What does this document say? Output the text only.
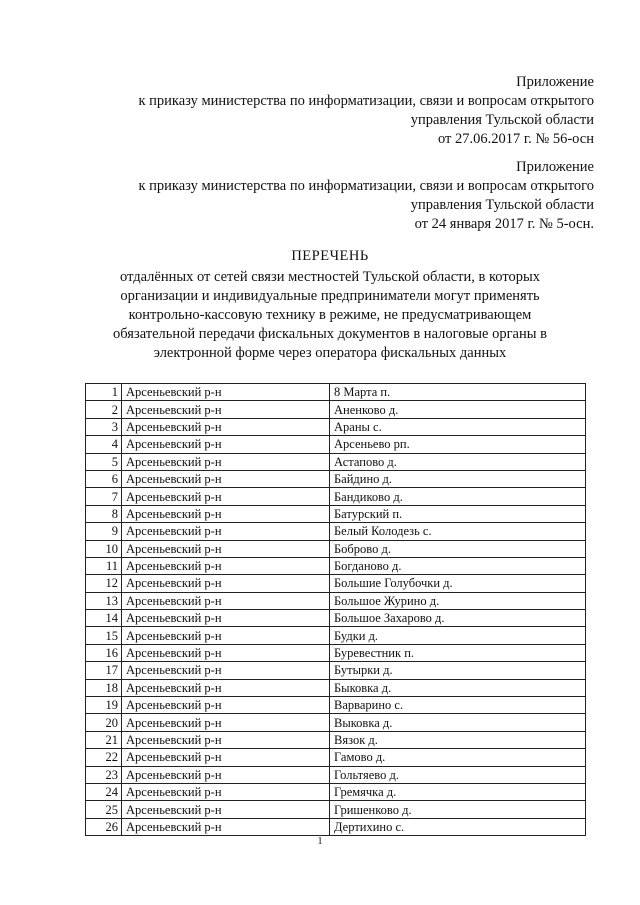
Приложение
к приказу министерства по информатизации, связи и вопросам открытого
управления Тульской области
от 27.06.2017 г. № 56-осн
Приложение
к приказу министерства по информатизации, связи и вопросам открытого
управления Тульской области
от 24 января 2017 г. № 5-осн.
ПЕРЕЧЕНЬ
отдалённых от сетей связи местностей Тульской области, в которых
организации и индивидуальные предприниматели могут применять
контрольно-кассовую технику в режиме, не предусматривающем
обязательной передачи фискальных документов в налоговые органы в
электронной форме через оператора фискальных данных
1	Арсеньевский р-н	8 Марта п.
2	Арсеньевский р-н	Аненково д.
3	Арсеньевский р-н	Араны с.
4	Арсеньевский р-н	Арсеньево рп.
5	Арсеньевский р-н	Астапово д.
6	Арсеньевский р-н	Байдино д.
7	Арсеньевский р-н	Бандиково д.
8	Арсеньевский р-н	Батурский п.
9	Арсеньевский р-н	Белый Колодезь с.
10	Арсеньевский р-н	Боброво д.
11	Арсеньевский р-н	Богданово д.
12	Арсеньевский р-н	Большие Голубочки д.
13	Арсеньевский р-н	Большое Журино д.
14	Арсеньевский р-н	Большое Захарово д.
15	Арсеньевский р-н	Будки д.
16	Арсеньевский р-н	Буревестник п.
17	Арсеньевский р-н	Бутырки д.
18	Арсеньевский р-н	Быковка д.
19	Арсеньевский р-н	Варварино с.
20	Арсеньевский р-н	Выковка д.
21	Арсеньевский р-н	Вязок д.
22	Арсеньевский р-н	Гамово д.
23	Арсеньевский р-н	Гольтяево д.
24	Арсеньевский р-н	Гремячка д.
25	Арсеньевский р-н	Гришенково д.
26	Арсеньевский р-н	Дертихино с.
1
